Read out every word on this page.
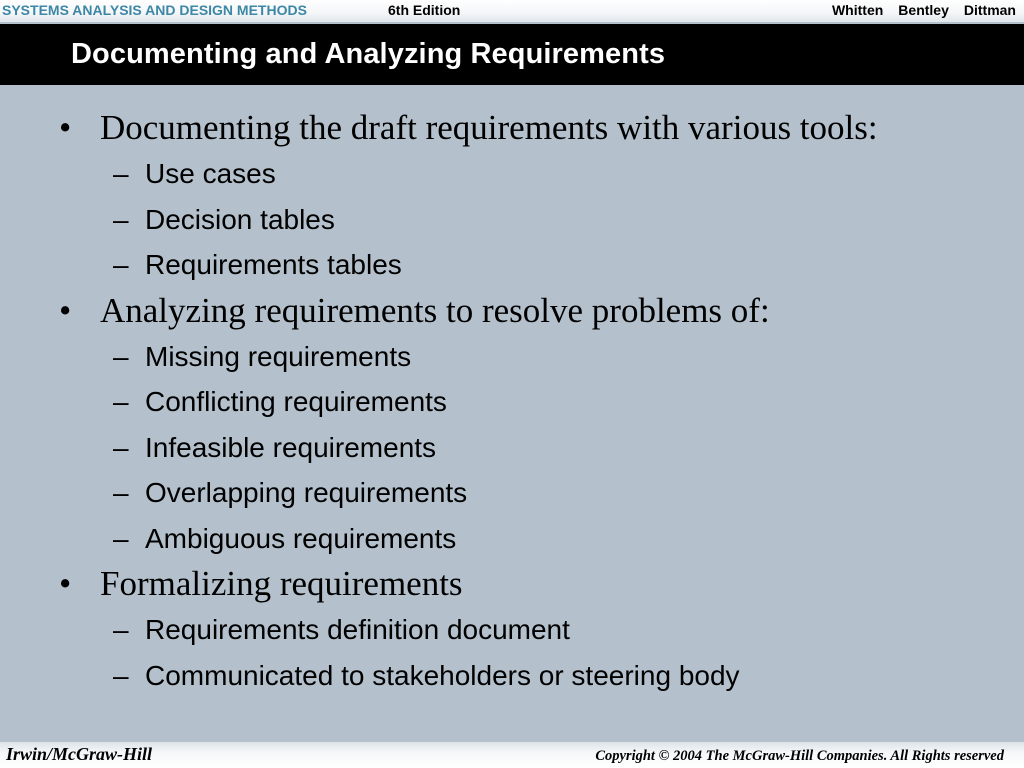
SYSTEMS ANALYSIS AND DESIGN METHODS	6th Edition	Whitten Bentley Dittman
Documenting and Analyzing Requirements
• Documenting the draft requirements with various tools:
– Use cases
– Decision tables
– Requirements tables
• Analyzing requirements to resolve problems of:
– Missing requirements
– Conflicting requirements
– Infeasible requirements
– Overlapping requirements
– Ambiguous requirements
• Formalizing requirements
– Requirements definition document
– Communicated to stakeholders or steering body
Irwin/McGraw-Hill	Copyright © 2004 The McGraw-Hill Companies. All Rights reserved
